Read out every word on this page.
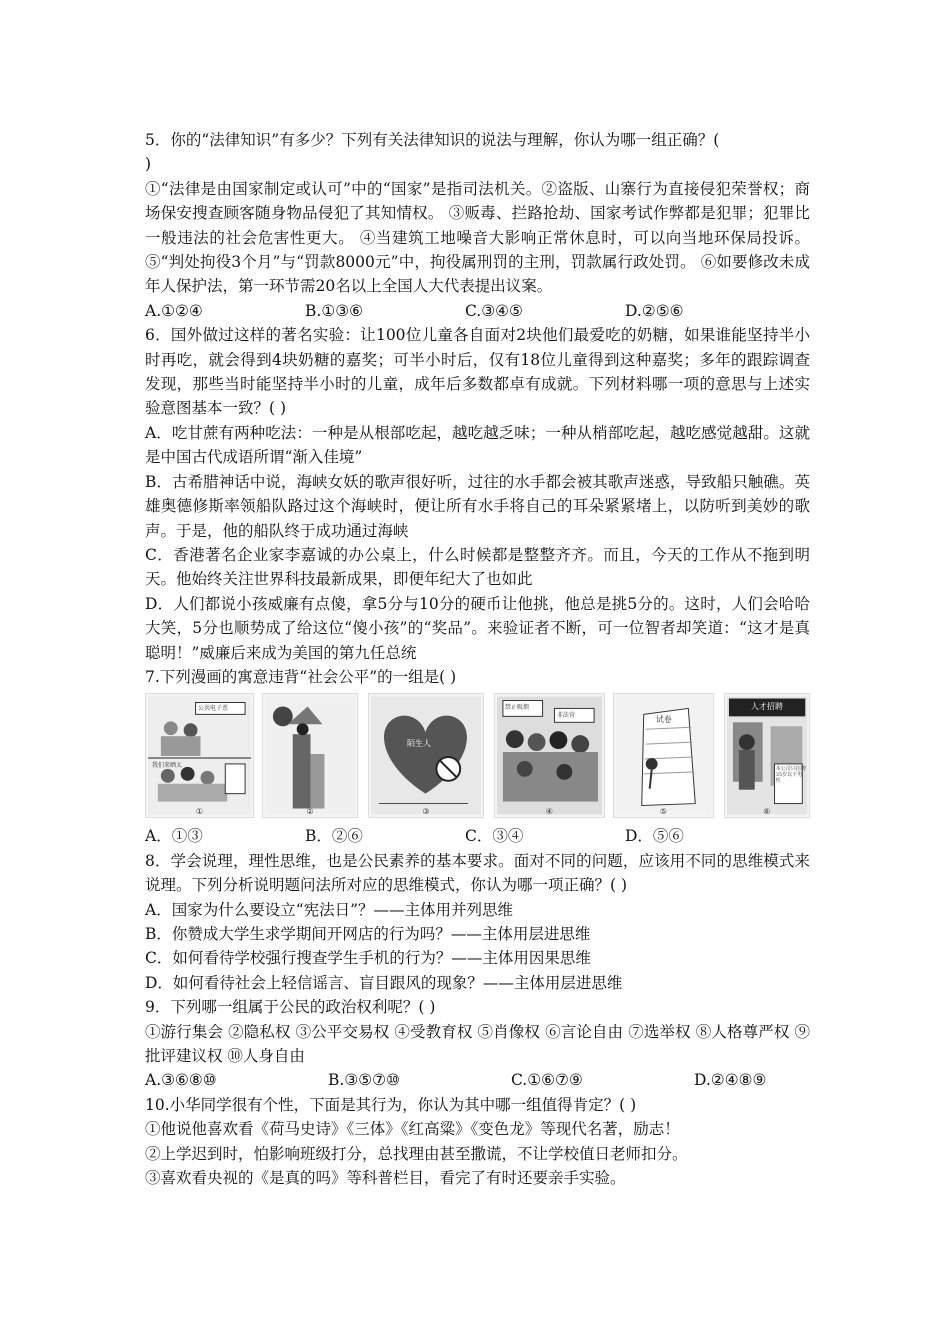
5．你的“法律知识”有多少？下列有关法律知识的说法与理解，你认为哪一组正确？(
)

①“法律是由国家制定或认可”中的“国家”是指司法机关。②盗版、山寨行为直接侵犯荣誉权；商场保安搜查顾客随身物品侵犯了其知情权。 ③贩毒、拦路抢劫、国家考试作弊都是犯罪；犯罪比一般违法的社会危害性更大。 ④当建筑工地噪音大影响正常休息时，可以向当地环保局投诉。⑤“判处拘役3个月”与“罚款8000元”中，拘役属刑罚的主刑，罚款属行政处罚。 ⑥如要修改未成年人保护法，第一环节需20名以上全国人大代表提出议案。

A.①②④	B.①③⑥	C.③④⑤	D.②⑤⑥

6．国外做过这样的著名实验：让100位儿童各自面对2块他们最爱吃的奶糖，如果谁能坚持半小时再吃，就会得到4块奶糖的嘉奖；可半小时后，仅有18位儿童得到这种嘉奖；多年的跟踪调查发现，那些当时能坚持半小时的儿童，成年后多数都卓有成就。下列材料哪一项的意思与上述实验意图基本一致？( )

A．吃甘蔗有两种吃法：一种是从根部吃起，越吃越乏味；一种从梢部吃起，越吃感觉越甜。这就是中国古代成语所谓“渐入佳境”

B．古希腊神话中说，海峡女妖的歌声很好听，过往的水手都会被其歌声迷惑，导致船只触礁。英雄奥德修斯率领船队路过这个海峡时，便让所有水手将自己的耳朵紧紧堵上，以防听到美妙的歌声。于是，他的船队终于成功通过海峡

C．香港著名企业家李嘉诚的办公桌上，什么时候都是整整齐齐。而且，今天的工作从不拖到明天。他始终关注世界科技最新成果，即便年纪大了也如此

D．人们都说小孩威廉有点傻，拿5分与10分的硬币让他挑，他总是挑5分的。这时，人们会哈哈大笑，5分也顺势成了给这位“傻小孩”的“奖品”。来验证者不断，可一位智者却笑道：“这才是真聪明！”威廉后来成为美国的第九任总统

7.下列漫画的寓意违背“社会公平”的一组是( )

公共电子票
我们来晒太
①	②
陌生人
③
禁止吸烟
非法营
④
试卷
⑤
人才招聘
本公司只招聘35岁以下男性
⑥
A．①③	B．②⑥	C．③④	D．⑤⑥

8．学会说理，理性思维，也是公民素养的基本要求。面对不同的问题，应该用不同的思维模式来说理。下列分析说明题问法所对应的思维模式，你认为哪一项正确？( )

A．国家为什么要设立“宪法日”？——主体用并列思维

B．你赞成大学生求学期间开网店的行为吗？——主体用层进思维

C．如何看待学校强行搜查学生手机的行为？——主体用因果思维

D．如何看待社会上轻信谣言、盲目跟风的现象？——主体用层进思维

9．下列哪一组属于公民的政治权利呢？( )

①游行集会 ②隐私权 ③公平交易权 ④受教育权 ⑤肖像权 ⑥言论自由 ⑦选举权 ⑧人格尊严权 ⑨批评建议权 ⑩人身自由

A.③⑥⑧⑩	B.③⑤⑦⑩	C.①⑥⑦⑨	D.②④⑧⑨

10.小华同学很有个性，下面是其行为，你认为其中哪一组值得肯定？( )

①他说他喜欢看《荷马史诗》《三体》《红高粱》《变色龙》等现代名著，励志！

②上学迟到时，怕影响班级打分，总找理由甚至撒谎，不让学校值日老师扣分。

③喜欢看央视的《是真的吗》等科普栏目，看完了有时还要亲手实验。
